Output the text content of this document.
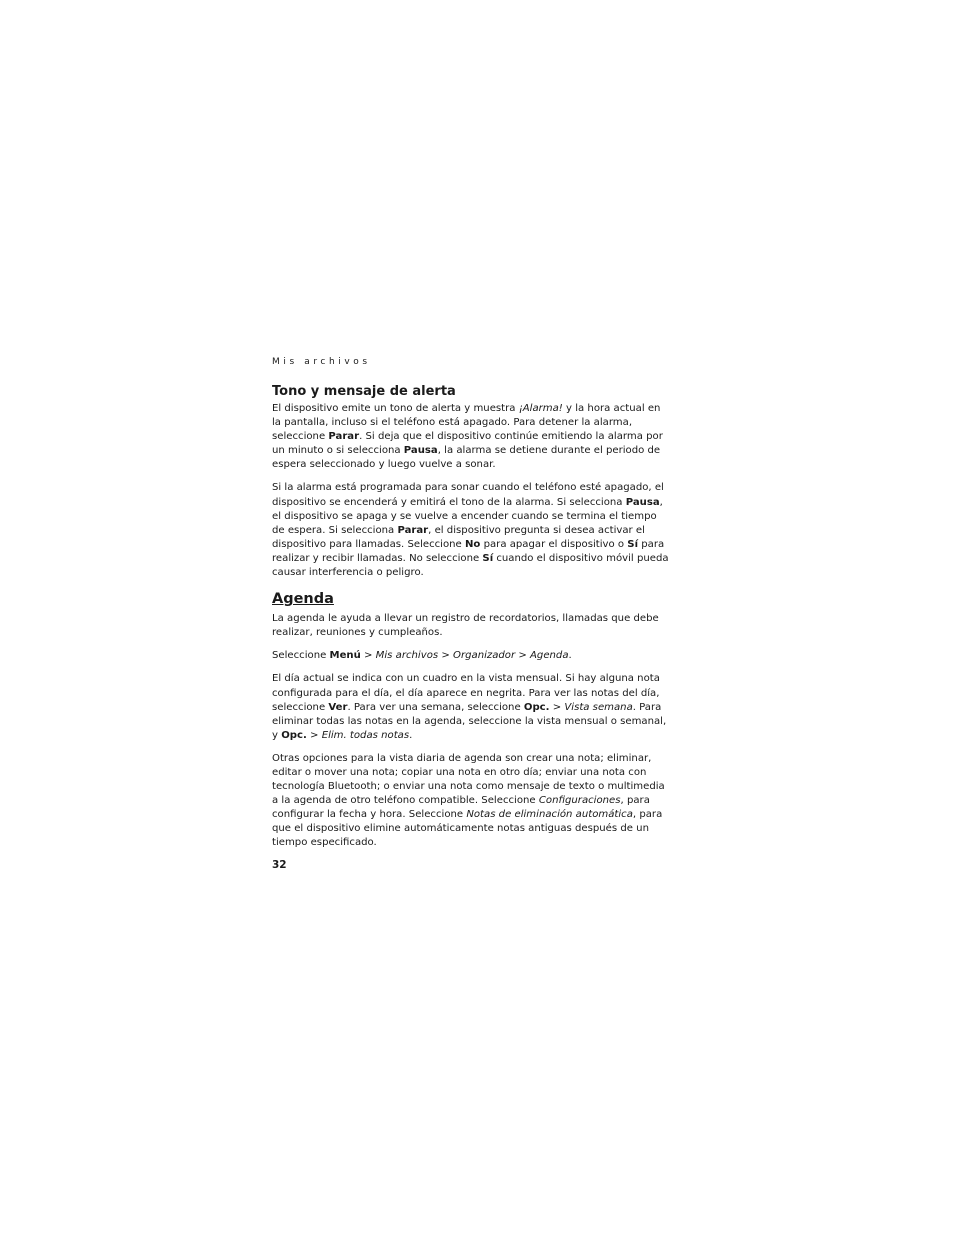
Mis archivos

Tono y mensaje de alerta

El dispositivo emite un tono de alerta y muestra ¡Alarma! y la hora actual en la pantalla, incluso si el teléfono está apagado. Para detener la alarma, seleccione Parar. Si deja que el dispositivo continúe emitiendo la alarma por un minuto o si selecciona Pausa, la alarma se detiene durante el periodo de espera seleccionado y luego vuelve a sonar.

Si la alarma está programada para sonar cuando el teléfono esté apagado, el dispositivo se encenderá y emitirá el tono de la alarma. Si selecciona Pausa, el dispositivo se apaga y se vuelve a encender cuando se termina el tiempo de espera. Si selecciona Parar, el dispositivo pregunta si desea activar el dispositivo para llamadas. Seleccione No para apagar el dispositivo o Sí para realizar y recibir llamadas. No seleccione Sí cuando el dispositivo móvil pueda causar interferencia o peligro.

Agenda

La agenda le ayuda a llevar un registro de recordatorios, llamadas que debe realizar, reuniones y cumpleaños.

Seleccione Menú > Mis archivos > Organizador > Agenda.

El día actual se indica con un cuadro en la vista mensual. Si hay alguna nota configurada para el día, el día aparece en negrita. Para ver las notas del día, seleccione Ver. Para ver una semana, seleccione Opc. > Vista semana. Para eliminar todas las notas en la agenda, seleccione la vista mensual o semanal, y Opc. > Elim. todas notas.

Otras opciones para la vista diaria de agenda son crear una nota; eliminar, editar o mover una nota; copiar una nota en otro día; enviar una nota con tecnología Bluetooth; o enviar una nota como mensaje de texto o multimedia a la agenda de otro teléfono compatible. Seleccione Configuraciones, para configurar la fecha y hora. Seleccione Notas de eliminación automática, para que el dispositivo elimine automáticamente notas antiguas después de un tiempo especificado.

32
